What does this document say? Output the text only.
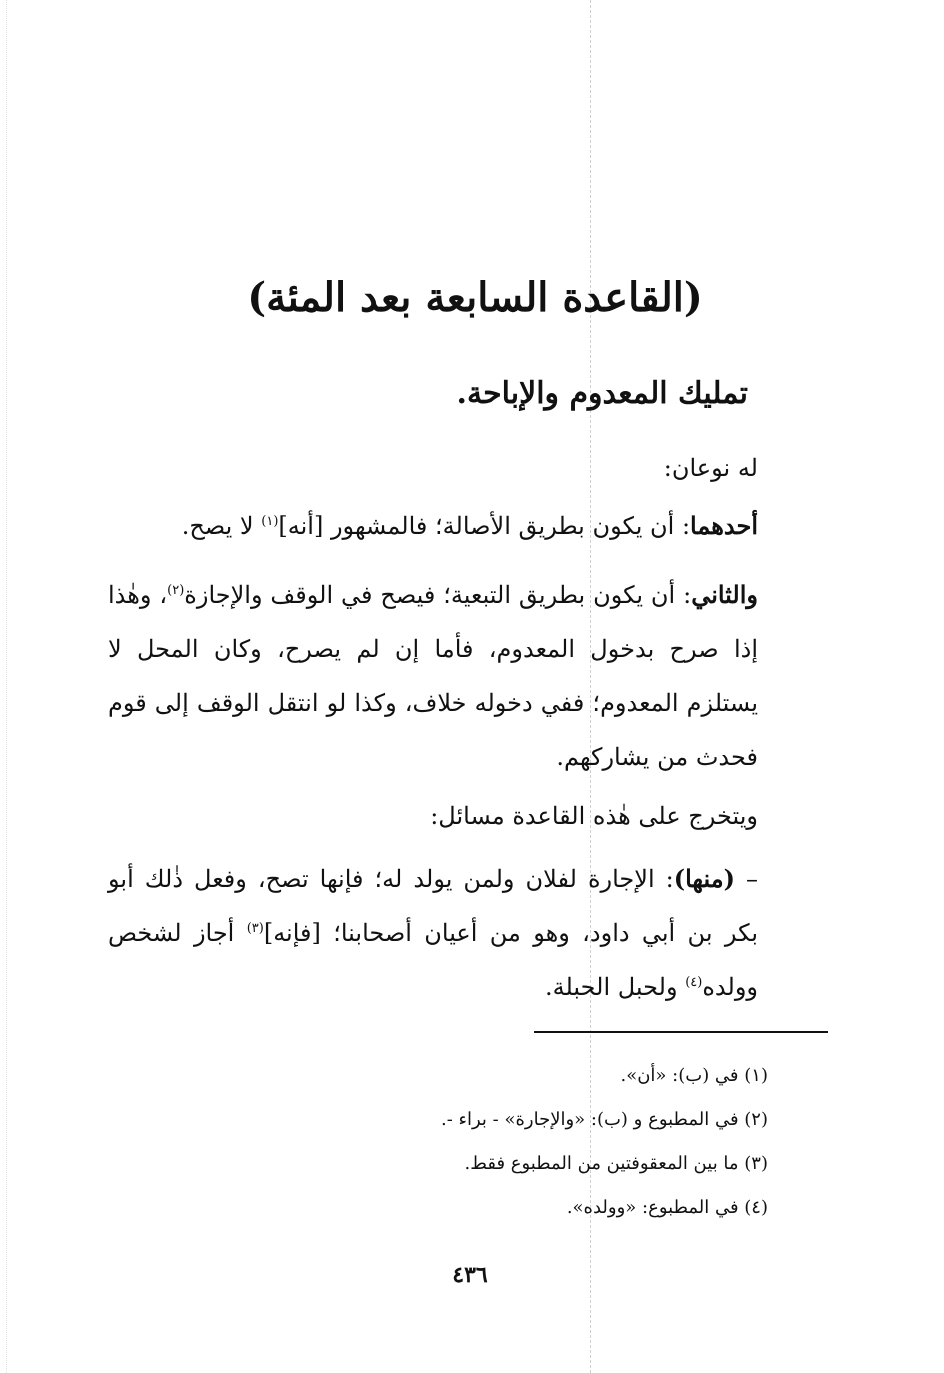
(القاعدة السابعة بعد المئة)
تمليك المعدوم والإباحة.
له نوعان:
أحدهما: أن يكون بطريق الأصالة؛ فالمشهور [أنه]$^{(١)}$ لا يصح.
والثاني: أن يكون بطريق التبعية؛ فيصح في الوقف والإجازة$^{(٢)}$، وهٰذا إذا صرح بدخول المعدوم، فأما إن لم يصرح، وكان المحل لا يستلزم المعدوم؛ ففي دخوله خلاف، وكذا لو انتقل الوقف إلى قوم فحدث من يشاركهم.
ويتخرج على هٰذه القاعدة مسائل:
– (منها): الإجارة لفلان ولمن يولد له؛ فإنها تصح، وفعل ذٰلك أبو بكر بن أبي داود، وهو من أعيان أصحابنا؛ [فإنه]$^{(٣)}$ أجاز لشخص وولده$^{(٤)}$ ولحبل الحبلة.
(١) في (ب): «أن».
(٢) في المطبوع و (ب): «والإجارة» - براء -.
(٣) ما بين المعقوفتين من المطبوع فقط.
(٤) في المطبوع: «وولده».
٤٣٦
